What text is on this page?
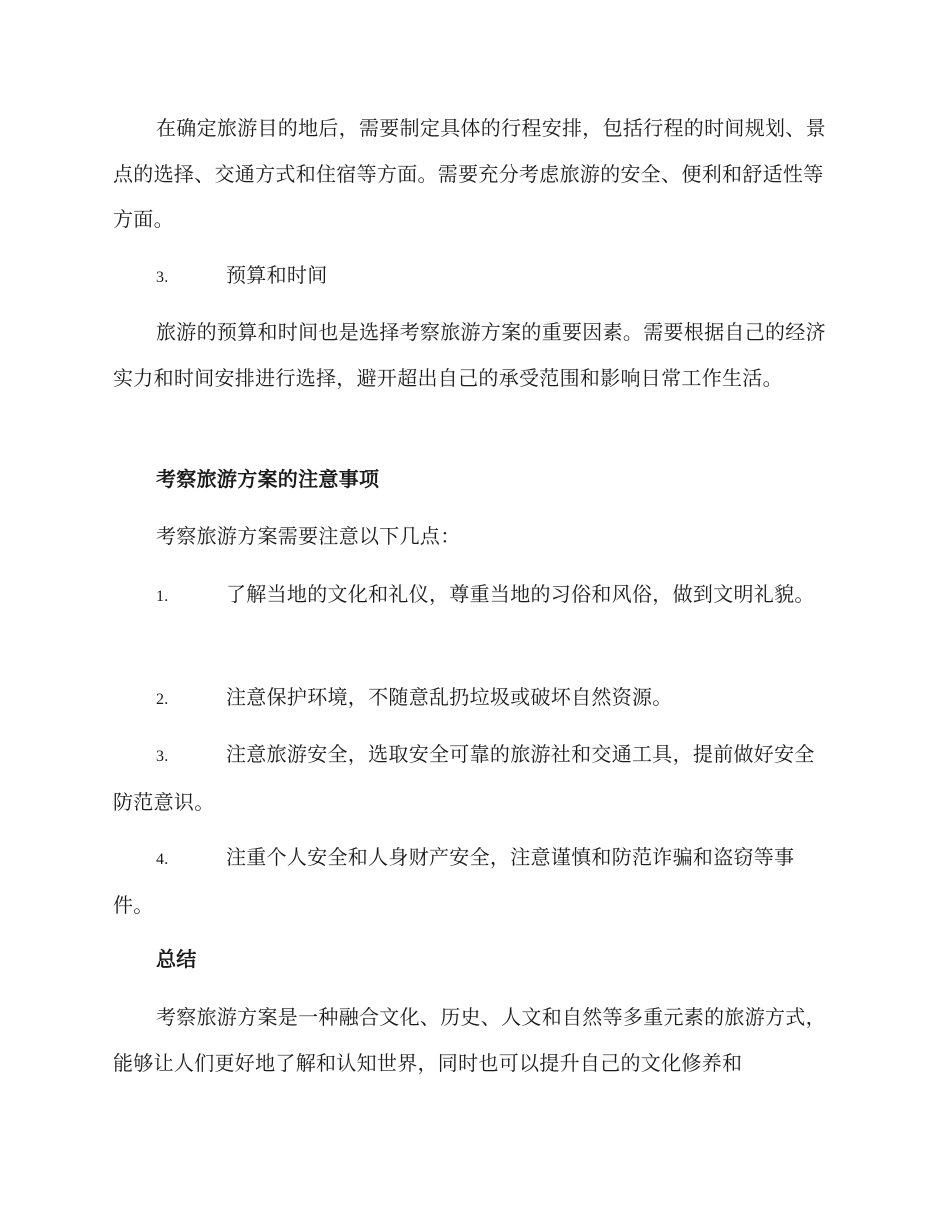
在确定旅游目的地后，需要制定具体的行程安排，包括行程的时间规划、景点的选择、交通方式和住宿等方面。需要充分考虑旅游的安全、便利和舒适性等方面。

3.	预算和时间

旅游的预算和时间也是选择考察旅游方案的重要因素。需要根据自己的经济实力和时间安排进行选择，避开超出自己的承受范围和影响日常工作生活。

考察旅游方案的注意事项

考察旅游方案需要注意以下几点：

1.	了解当地的文化和礼仪，尊重当地的习俗和风俗，做到文明礼貌。

2.	注意保护环境，不随意乱扔垃圾或破坏自然资源。

3.	注意旅游安全，选取安全可靠的旅游社和交通工具，提前做好安全防范意识。

4.	注重个人安全和人身财产安全，注意谨慎和防范诈骗和盗窃等事件。

总结

考察旅游方案是一种融合文化、历史、人文和自然等多重元素的旅游方式，能够让人们更好地了解和认知世界，同时也可以提升自己的文化修养和
